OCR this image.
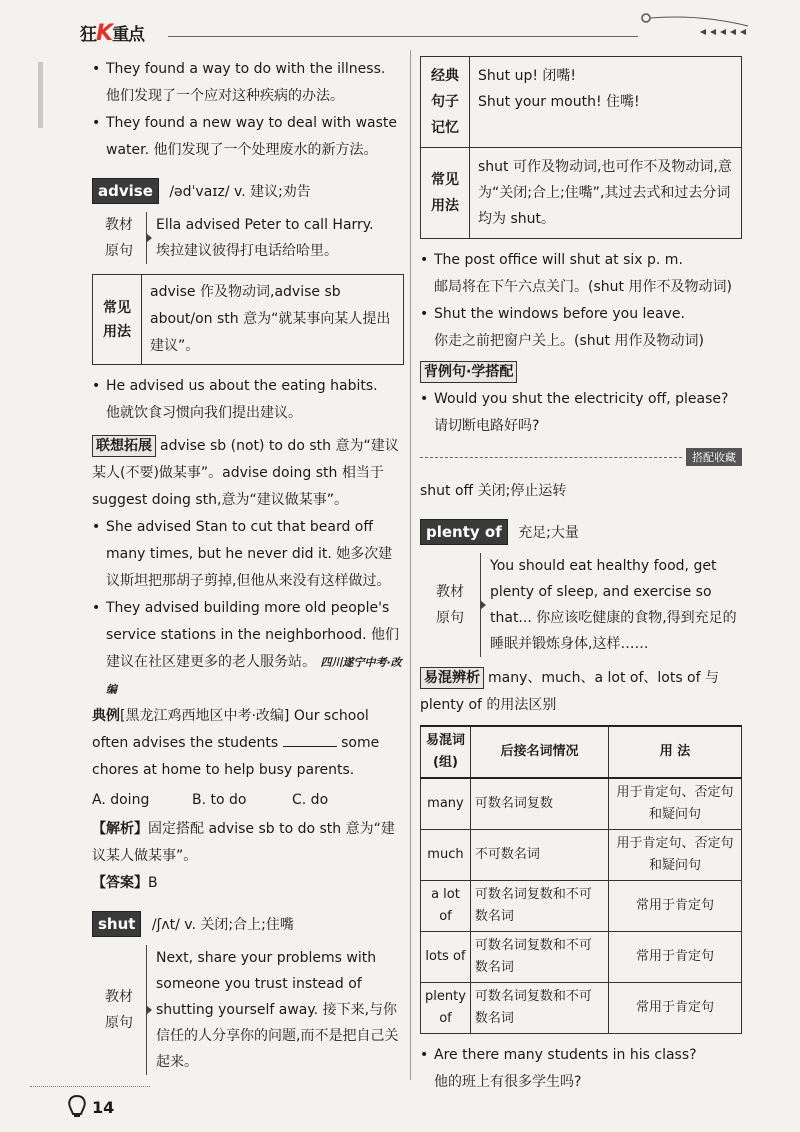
狂K重点
• They found a way to do with the illness.
他们发现了一个应对这种疾病的办法。
• They found a new way to deal with waste water. 他们发现了一个处理废水的新方法。
advise /ədˈvaɪz/ v. 建议;劝告
教材
原句
Ella advised Peter to call Harry.
埃拉建议彼得打电话给哈里。
常见用法
advise 作及物动词,advise sb about/on sth 意为“就某事向某人提出建议”。
• He advised us about the eating habits.
他就饮食习惯向我们提出建议。
联想拓展 advise sb (not) to do sth 意为“建议某人(不要)做某事”。advise doing sth 相当于 suggest doing sth,意为“建议做某事”。
• She advised Stan to cut that beard off many times, but he never did it. 她多次建议斯坦把那胡子剪掉,但他从来没有这样做过。
• They advised building more old people's service stations in the neighborhood. 他们建议在社区建更多的老人服务站。 四川遂宁中考·改编
典例[黑龙江鸡西地区中考·改编] Our school often advises the students	some chores at home to help busy parents.
A. doing	B. to do	C. do
【解析】固定搭配 advise sb to do sth 意为“建议某人做某事”。
【答案】B
shut /ʃʌt/ v. 关闭;合上;住嘴
教材
原句
Next, share your problems with someone you trust instead of shutting yourself away. 接下来,与你信任的人分享你的问题,而不是把自己关起来。
经典句子记忆
Shut up! 闭嘴!
Shut your mouth! 住嘴!
常见用法
shut 可作及物动词,也可作不及物动词,意为“关闭;合上;住嘴”,其过去式和过去分词均为 shut。
• The post office will shut at six p. m.
邮局将在下午六点关门。(shut 用作不及物动词)
• Shut the windows before you leave.
你走之前把窗户关上。(shut 用作及物动词)
背例句·学搭配
• Would you shut the electricity off, please?
请切断电路好吗?
搭配收藏
shut off 关闭;停止运转
plenty of 充足;大量
教材
原句
You should eat healthy food, get plenty of sleep, and exercise so that... 你应该吃健康的食物,得到充足的睡眠并锻炼身体,这样……
易混辨析 many、much、a lot of、lots of 与 plenty of 的用法区别
易混词(组)	后接名词情况	用 法
many	可数名词复数	用于肯定句、否定句和疑问句
much	不可数名词	用于肯定句、否定句和疑问句
a lot of	可数名词复数和不可数名词	常用于肯定句
lots of	可数名词复数和不可数名词	常用于肯定句
plenty of	可数名词复数和不可数名词	常用于肯定句
• Are there many students in his class?
他的班上有很多学生吗?
14
